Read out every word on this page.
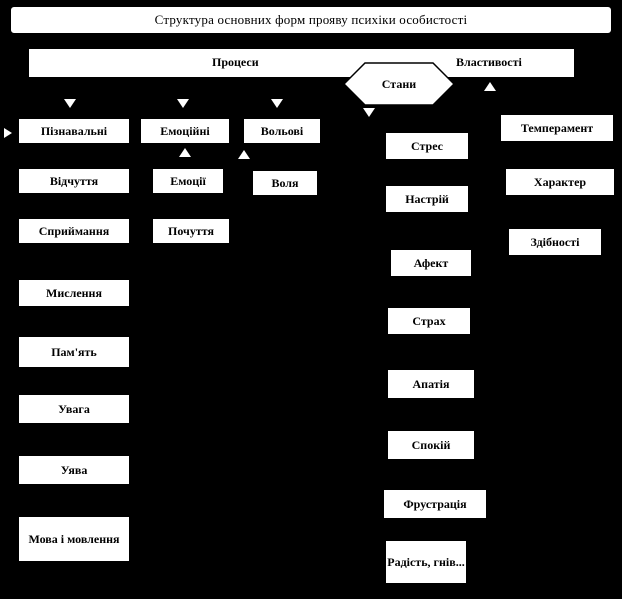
Структура основних форм прояву психіки особистості
Процеси	Властивості
Стани
Пізнавальні
Відчуття
Сприймання
Мислення
Пам'ять
Увага
Уява
Мова і мовлення
Емоційні
Емоції
Почуття
Вольові
Воля
Стрес
Настрій
Афект
Страх
Апатія
Спокій
Фрустрація
Радість, гнів...
Темперамент
Характер
Здібності
